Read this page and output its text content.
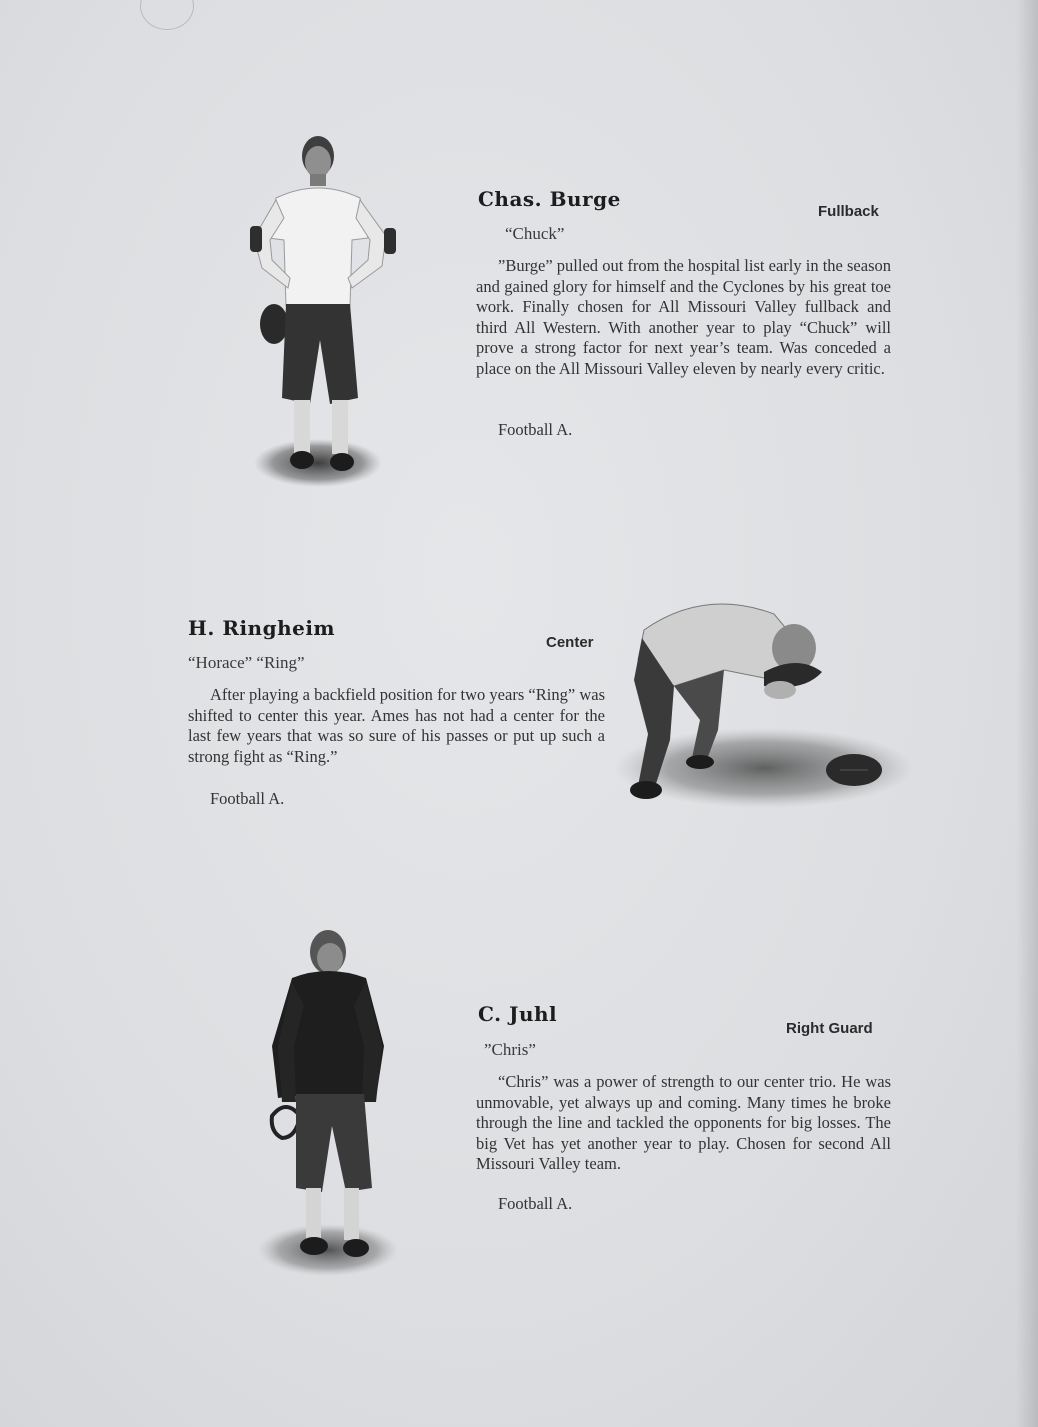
Chas. Burge
Fullback
“Chuck”

”Burge” pulled out from the hospital list early in the season and gained glory for himself and the Cyclones by his great toe work. Finally chosen for All Missouri Valley fullback and third All Western. With another year to play “Chuck” will prove a strong factor for next year’s team. Was conceded a place on the All Missouri Valley eleven by nearly every critic.

Football A.
H. Ringheim
Center
“Horace” “Ring”

After playing a backfield position for two years “Ring” was shifted to center this year. Ames has not had a center for the last few years that was so sure of his passes or put up such a strong fight as “Ring.”

Football A.
C. Juhl
Right Guard
”Chris”

“Chris” was a power of strength to our center trio. He was unmovable, yet always up and coming. Many times he broke through the line and tackled the opponents for big losses. The big Vet has yet another year to play. Chosen for second All Missouri Valley team.

Football A.
